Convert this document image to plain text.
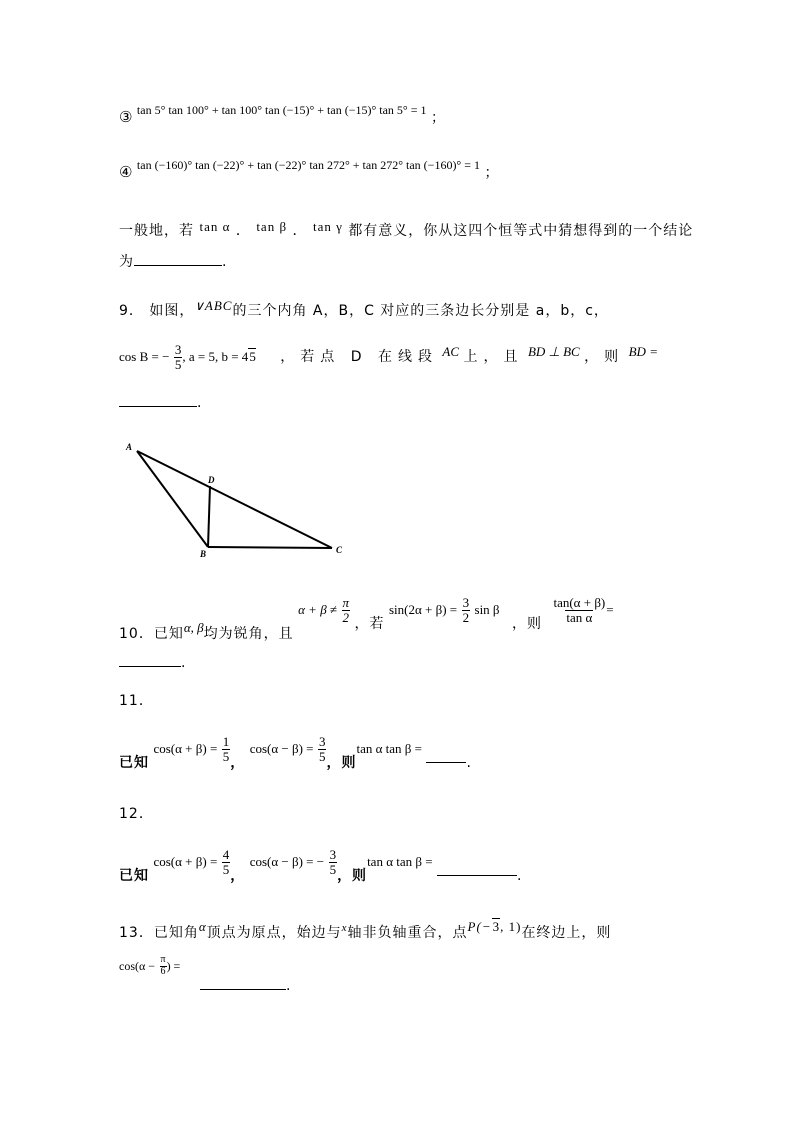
③ tan 5° tan 100° + tan 100° tan (−15)° + tan (−15)° tan 5° = 1 ；
④ tan (−160)° tan (−22)° + tan (−22)° tan 272° + tan 272° tan (−160)° = 1 ；
一般地，若 tan α ． tan β ． tan γ 都有意义，你从这四个恒等式中猜想得到的一个结论
为	.
9． 如图，∨ABC的三个内角 A，B，C 对应的三条边长分别是 a，b，c，
cos B = − $\frac{3}{5}$ , a = 5, b = 45 ，若点 D 在线段 AC 上，且 BD ⊥ BC ，则 BD =
.
A
D
B	C
10．已知α, β均为锐角，且 $\alpha + \beta \ne \frac{\pi}{2}$ ，若 $\sin(2\alpha + \beta) = \frac{3}{2}$ sin β ，则 $\frac{\tan(\alpha + \beta)}{\text{tan α}}$ =
.
11．
已知 $\cos(\alpha + \beta) = \frac{1}{5}$ ， $\cos(\alpha - \beta) = \frac{3}{5}$ ，则tan α tan β = .
12．
已知 $\cos(\alpha + \beta) = \frac{4}{5}$ ， cos(α − β) = − $\frac{3}{5}$ ，则tan α tan β = .
13．已知角α顶点为原点，始边与$^x$轴非负轴重合，点P(−3, 1)在终边上，则
$\cos(\alpha - \frac{\pi}{6}$ ) =
.
